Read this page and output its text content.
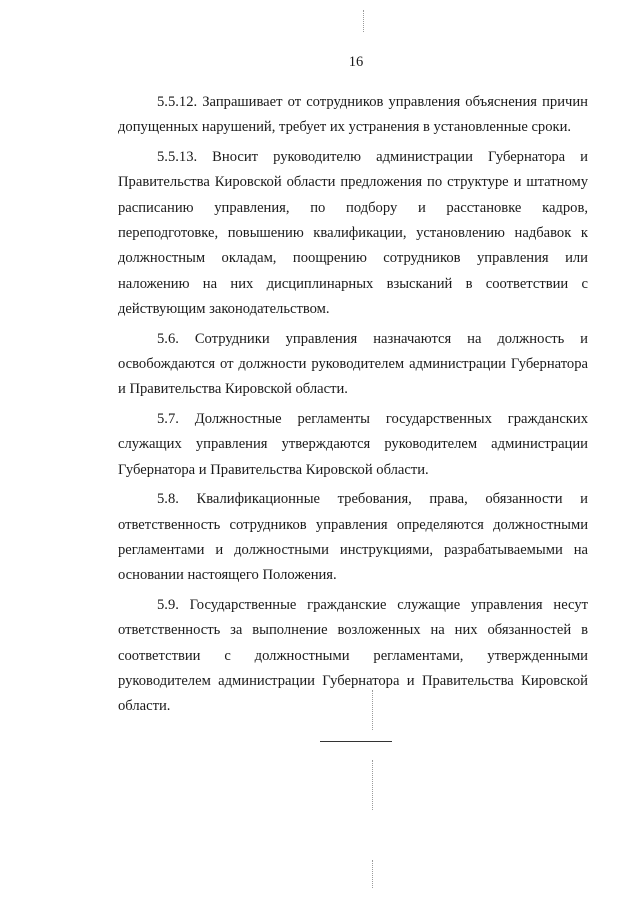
16

5.5.12. Запрашивает от сотрудников управления объяснения причин допущенных нарушений, требует их устранения в установленные сроки.

5.5.13. Вносит руководителю администрации Губернатора и Правительства Кировской области предложения по структуре и штатному расписанию управления, по подбору и расстановке кадров, переподготовке, повышению квалификации, установлению надбавок к должностным окладам, поощрению сотрудников управления или наложению на них дисциплинарных взысканий в соответствии с действующим законодательством.

5.6. Сотрудники управления назначаются на должность и освобождаются от должности руководителем администрации Губернатора и Правительства Кировской области.

5.7. Должностные регламенты государственных гражданских служащих управления утверждаются руководителем администрации Губернатора и Правительства Кировской области.

5.8. Квалификационные требования, права, обязанности и ответственность сотрудников управления определяются должностными регламентами и должностными инструкциями, разрабатываемыми на основании настоящего Положения.

5.9. Государственные гражданские служащие управления несут ответственность за выполнение возложенных на них обязанностей в соответствии с должностными регламентами, утвержденными руководителем администрации Губернатора и Правительства Кировской области.
